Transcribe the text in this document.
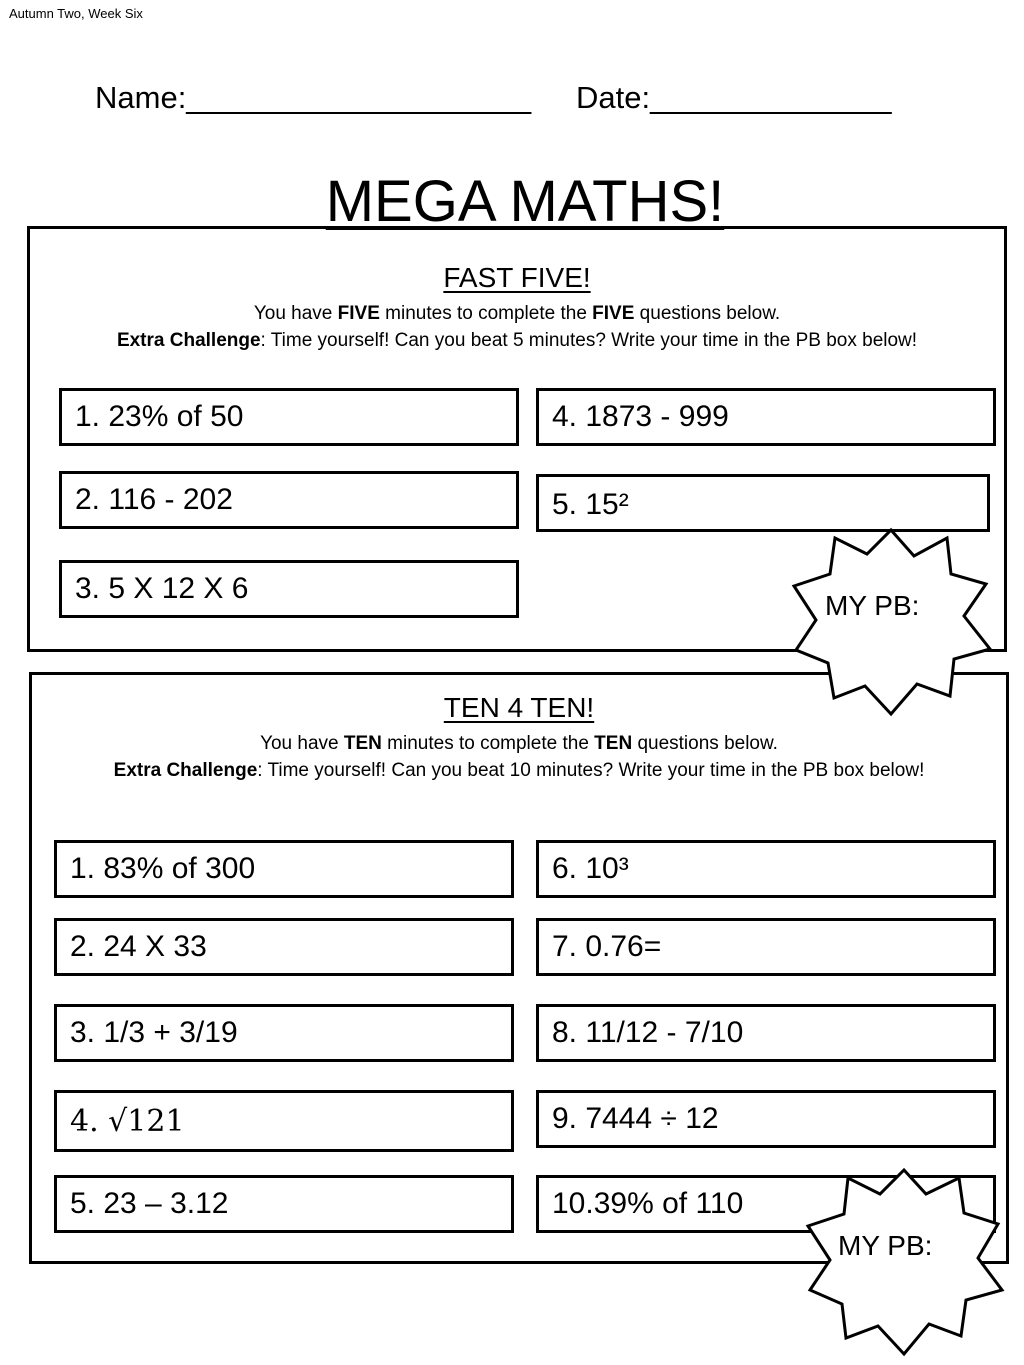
Autumn Two, Week Six
Name:____________________ Date:______________
MEGA MATHS!
FAST FIVE!
You have FIVE minutes to complete the FIVE questions below.
Extra Challenge: Time yourself! Can you beat 5 minutes? Write your time in the PB box below!
1. 23% of 50
2. 116 - 202
3. 5 X 12 X 6
4. 1873 - 999
5. 15²
TEN 4 TEN!
You have TEN minutes to complete the TEN questions below.
Extra Challenge: Time yourself! Can you beat 10 minutes? Write your time in the PB box below!
1. 83% of 300
2. 24 X 33
3. 1/3 + 3/19
4. √121
5. 23 – 3.12
6. 10³
7. 0.76=
8. 11/12 - 7/10
9. 7444 ÷ 12
10.39% of 110
MY PB:
MY PB:
